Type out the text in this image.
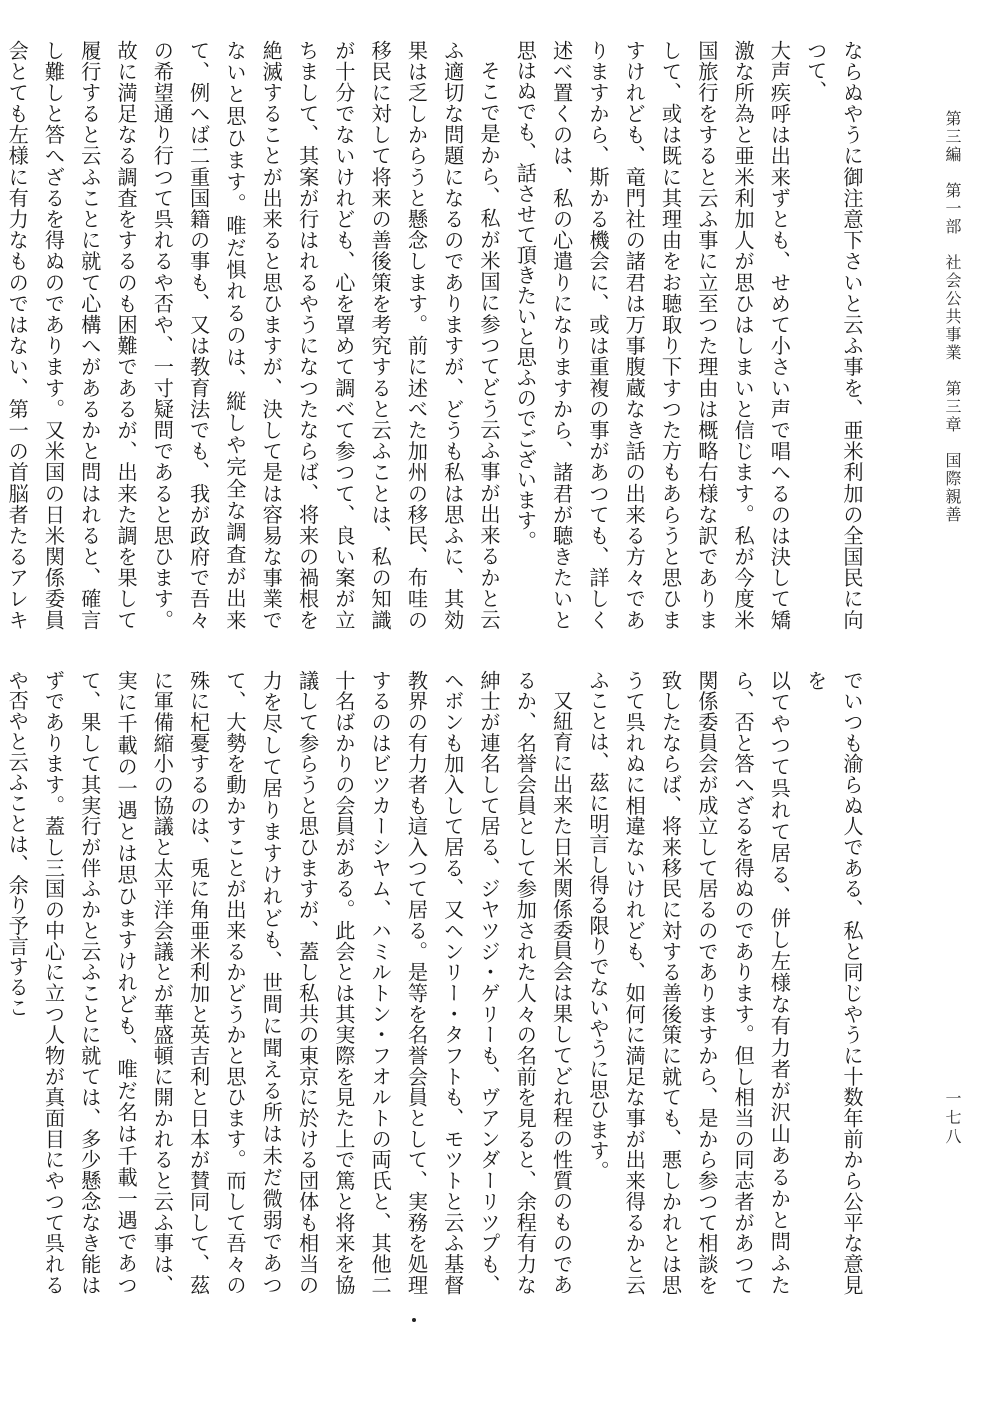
第三編　第一部　社会公共事業　第三章　国際親善

ならぬやうに御注意下さいと云ふ事を、亜米利加の全国民に向つて、

大声疾呼は出来ずとも、せめて小さい声で唱へるのは決して矯激な所為と亜米利加人が思ひはしまいと信じます。私が今度米国旅行をすると云ふ事に立至つた理由は概略右様な訳でありまして、或は既に其理由をお聴取り下すつた方もあらうと思ひますけれども、竜門社の諸君は万事腹蔵なき話の出来る方々でありますから、斯かる機会に、或は重複の事があつても、詳しく述べ置くのは、私の心遣りになりますから、諸君が聴きたいと思はぬでも、話させて頂きたいと思ふのでございます。

そこで是から、私が米国に参つてどう云ふ事が出来るかと云ふ適切な問題になるのでありますが、どうも私は思ふに、其効果は乏しからうと懸念します。前に述べた加州の移民、布哇の移民に対して将来の善後策を考究すると云ふことは、私の知識が十分でないけれども、心を罩めて調べて参つて、良い案が立ちまして、其案が行はれるやうになつたならば、将来の禍根を絶滅することが出来ると思ひますが、決して是は容易な事業でないと思ひます。唯だ惧れるのは、縦しや完全な調査が出来て、例へば二重国籍の事も、又は教育法でも、我が政府で吾々の希望通り行つて呉れるや否や、一寸疑問であると思ひます。故に満足なる調査をするのも困難であるが、出来た調を果して履行すると云ふことに就て心構へがあるかと問はれると、確言し難しと答へざるを得ぬのであります。又米国の日米関係委員会とても左様に有力なものではない、第一の首脳者たるアレキ

でいつも渝らぬ人である、私と同じやうに十数年前から公平な意見を

以てやつて呉れて居る、併し左様な有力者が沢山あるかと問ふたら、否と答へざるを得ぬのであります。但し相当の同志者があつて関係委員会が成立して居るのでありますから、是から参つて相談を致したならば、将来移民に対する善後策に就ても、悪しかれとは思うて呉れぬに相違ないけれども、如何に満足な事が出来得るかと云ふことは、茲に明言し得る限りでないやうに思ひます。

又紐育に出来た日米関係委員会は果してどれ程の性質のものであるか、名誉会員として参加された人々の名前を見ると、余程有力な紳士が連名して居る、ジヤツジ・ゲリーも、ヴアンダーリツプも、ヘボンも加入して居る、又ヘンリー・タフトも、モツトと云ふ基督教界の有力者も這入つて居る。是等を名誉会員として、実務を処理するのはビツカーシヤム、ハミルトン・フオルトの両氏と、其他二十名ばかりの会員がある。此会とは其実際を見た上で篤と将来を協議して参らうと思ひますが、蓋し私共の東京に於ける団体も相当の力を尽して居りますけれども、世間に聞える所は未だ微弱であつて、大勢を動かすことが出来るかどうかと思ひます。而して吾々の殊に杞憂するのは、兎に角亜米利加と英吉利と日本が賛同して、茲に軍備縮小の協議と太平洋会議とが華盛頓に開かれると云ふ事は、実に千載の一遇とは思ひますけれども、唯だ名は千載一遇であつて、果して其実行が伴ふかと云ふことに就ては、多少懸念なき能はずであります。蓋し三国の中心に立つ人物が真面目にやつて呉れるや否やと云ふことは、余り予言するこ

一七八
